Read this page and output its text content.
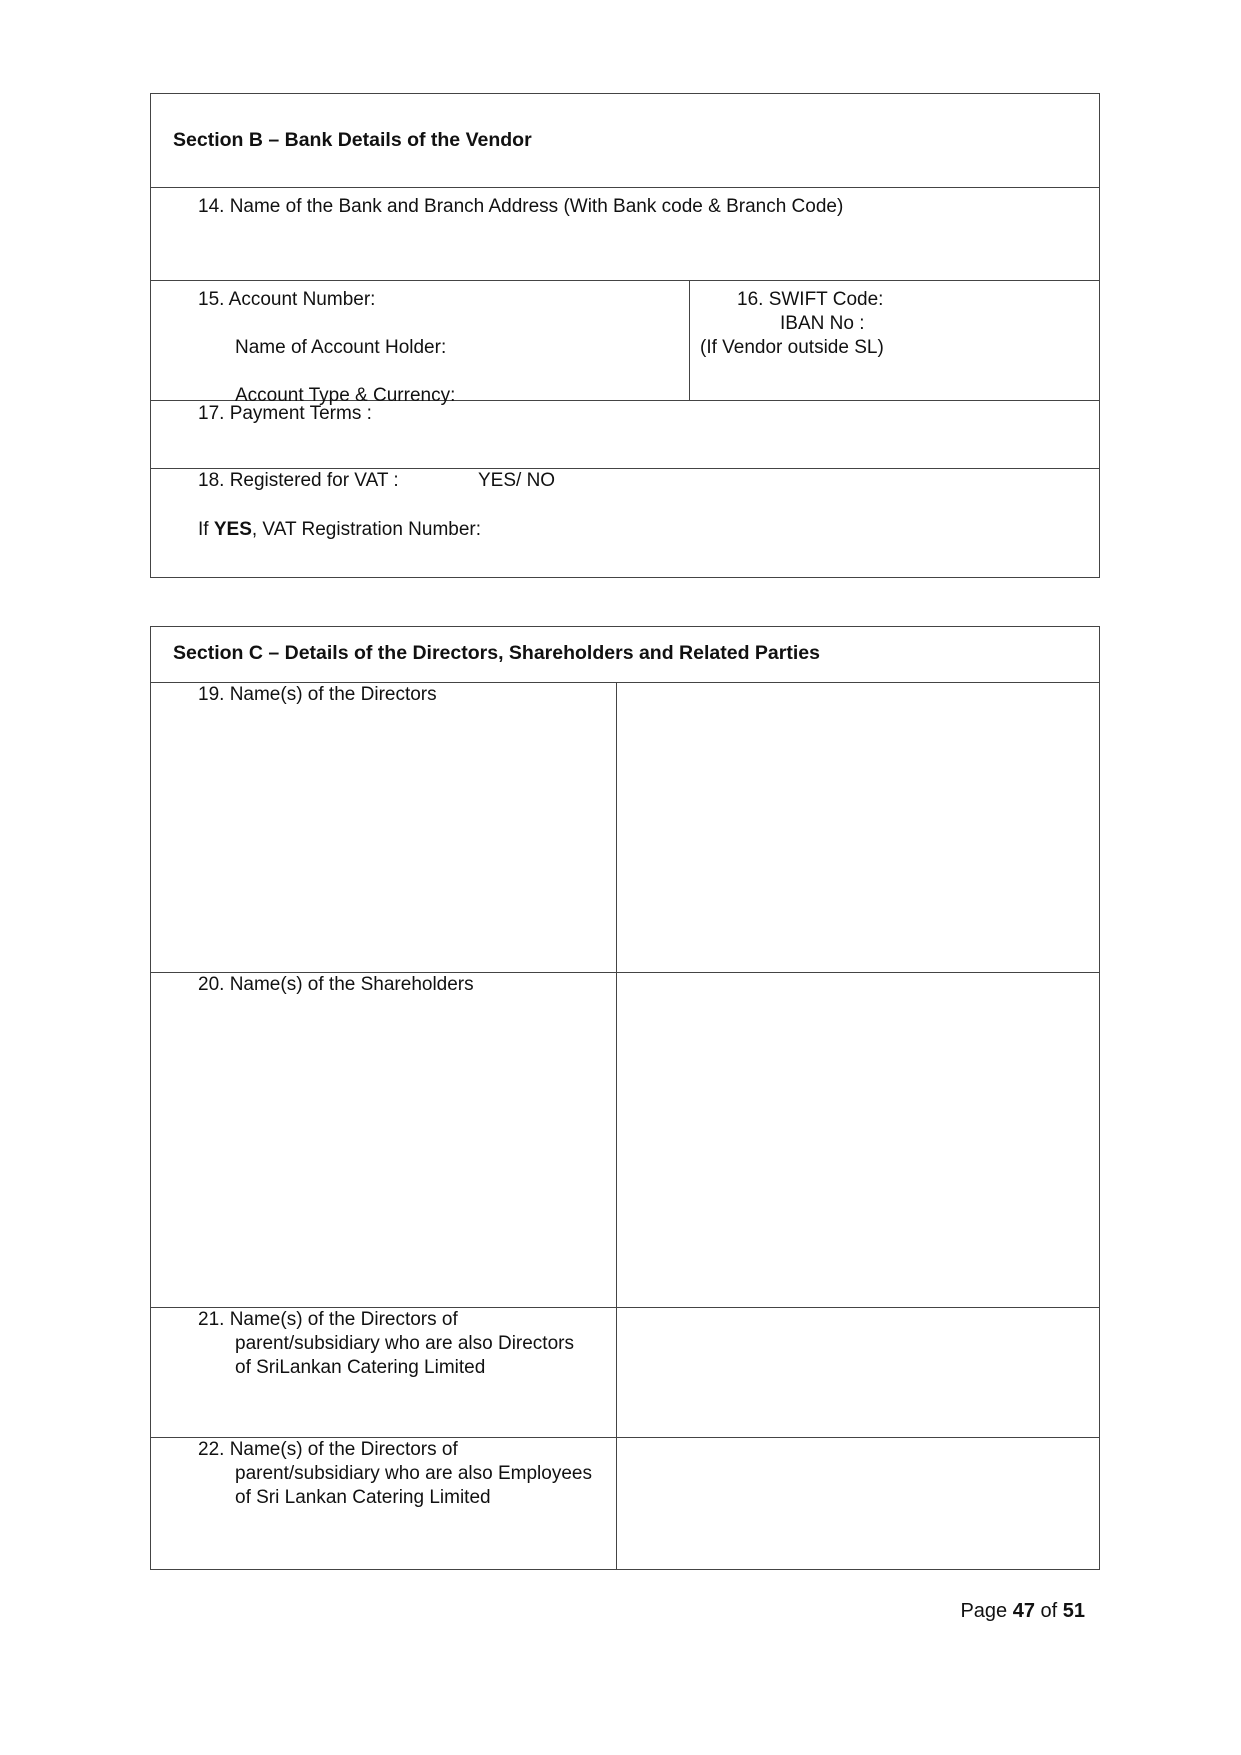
Section B – Bank Details of the Vendor
14. Name of the Bank and Branch Address (With Bank code & Branch Code)
15. Account Number:
Name of Account Holder:
Account Type & Currency:
16. SWIFT Code:
IBAN No :
(If Vendor outside SL)
17. Payment Terms :
18. Registered for VAT :	YES/ NO
If YES, VAT Registration Number:
Section C – Details of the Directors, Shareholders and Related Parties
19. Name(s) of the Directors
20. Name(s) of the Shareholders
21. Name(s) of the Directors of
parent/subsidiary who are also Directors
of SriLankan Catering Limited
22. Name(s) of the Directors of
parent/subsidiary who are also Employees
of Sri Lankan Catering Limited
Page 47 of 51
